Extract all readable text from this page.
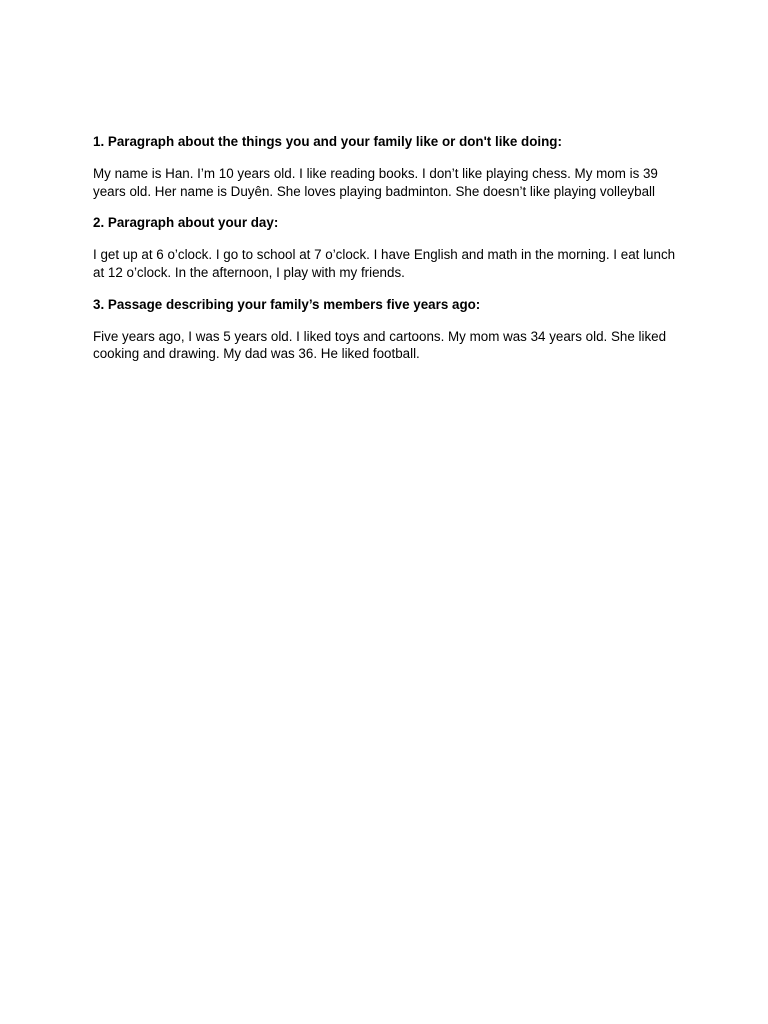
1. Paragraph about the things you and your family like or don't like doing:

My name is Han. I’m 10 years old. I like reading books. I don’t like playing chess. My mom is 39 years old. Her name is Duyên. She loves playing badminton. She doesn’t like playing volleyball

2. Paragraph about your day:

I get up at 6 o’clock. I go to school at 7 o’clock. I have English and math in the morning. I eat lunch at 12 o’clock. In the afternoon, I play with my friends.

3. Passage describing your family’s members five years ago:

Five years ago, I was 5 years old. I liked toys and cartoons. My mom was 34 years old. She liked cooking and drawing. My dad was 36. He liked football.
